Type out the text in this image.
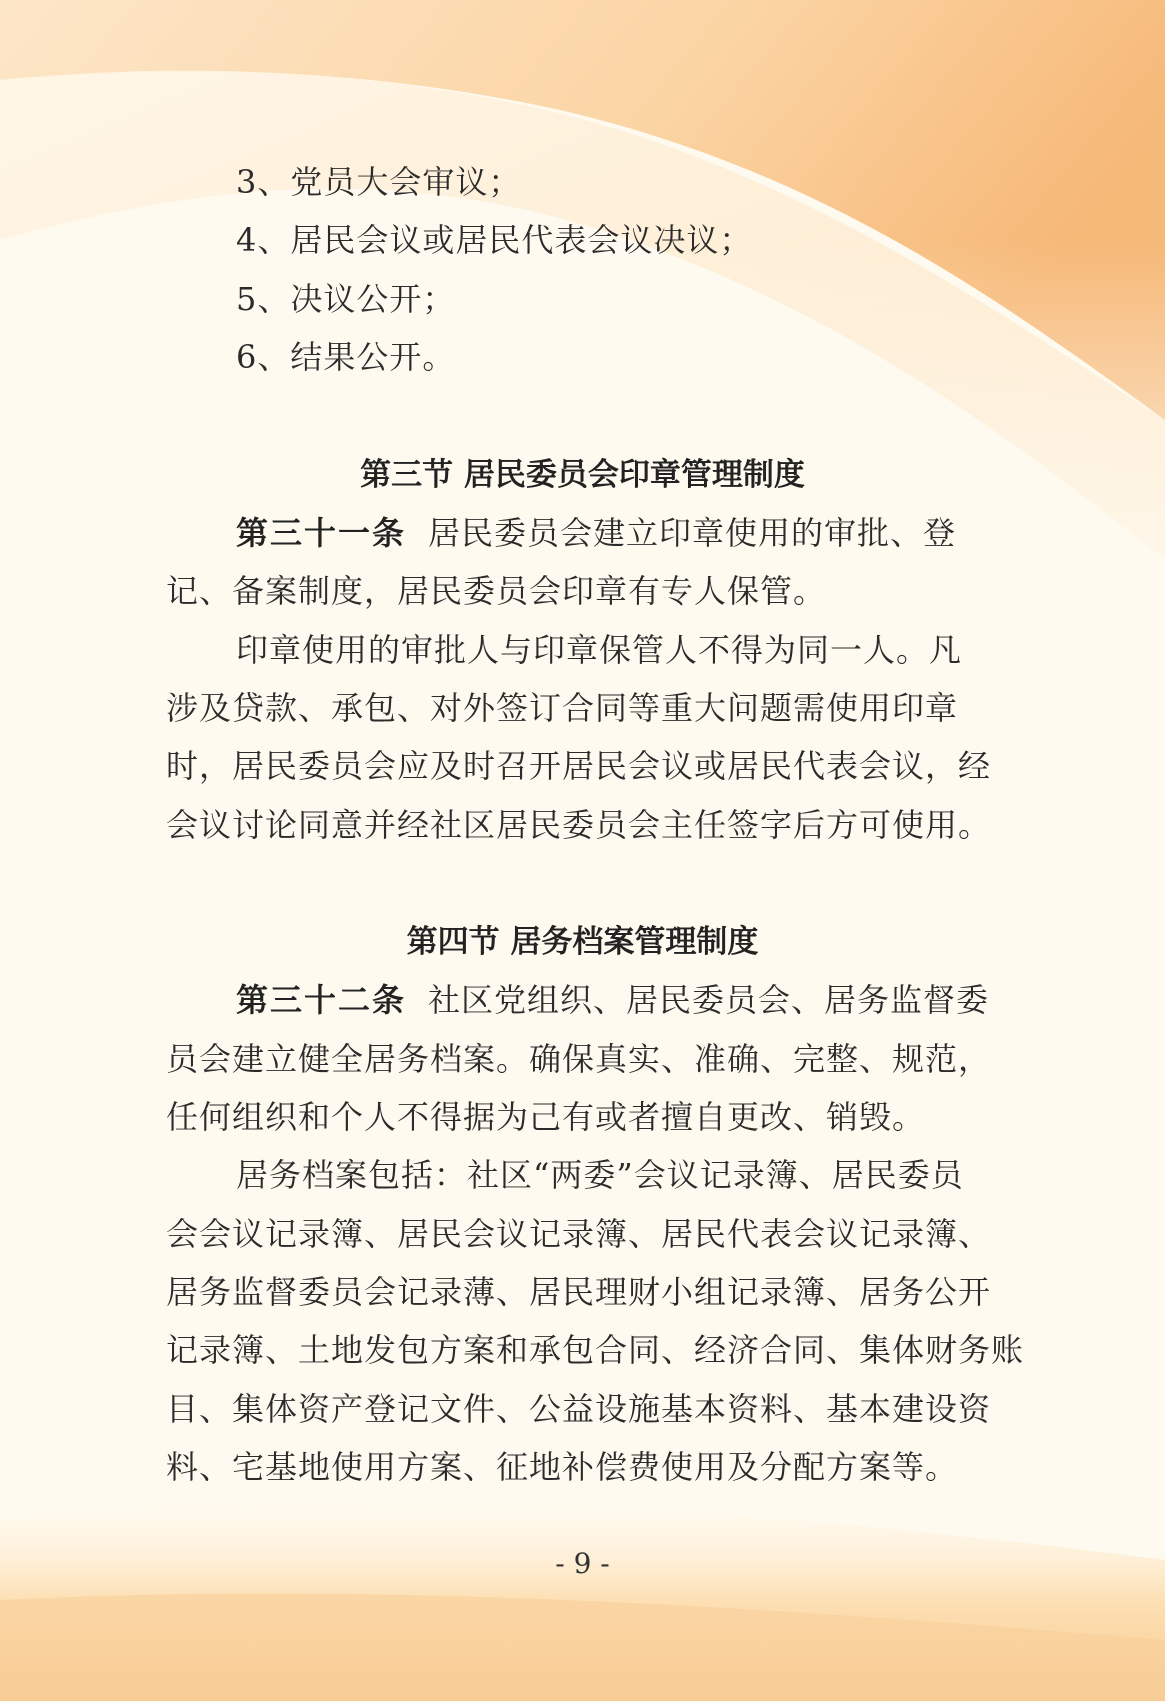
3、党员大会审议；
4、居民会议或居民代表会议决议；
5、决议公开；
6、结果公开。
第三节 居民委员会印章管理制度
第三十一条 居民委员会建立印章使用的审批、登
记、备案制度，居民委员会印章有专人保管。
印章使用的审批人与印章保管人不得为同一人。凡
涉及贷款、承包、对外签订合同等重大问题需使用印章
时，居民委员会应及时召开居民会议或居民代表会议，经
会议讨论同意并经社区居民委员会主任签字后方可使用。
第四节 居务档案管理制度
第三十二条 社区党组织、居民委员会、居务监督委
员会建立健全居务档案。确保真实、准确、完整、规范，
任何组织和个人不得据为己有或者擅自更改、销毁。
居务档案包括：社区“两委”会议记录簿、居民委员
会会议记录簿、居民会议记录簿、居民代表会议记录簿、
居务监督委员会记录薄、居民理财小组记录簿、居务公开
记录簿、土地发包方案和承包合同、经济合同、集体财务账
目、集体资产登记文件、公益设施基本资料、基本建设资
料、宅基地使用方案、征地补偿费使用及分配方案等。
- 9 -
